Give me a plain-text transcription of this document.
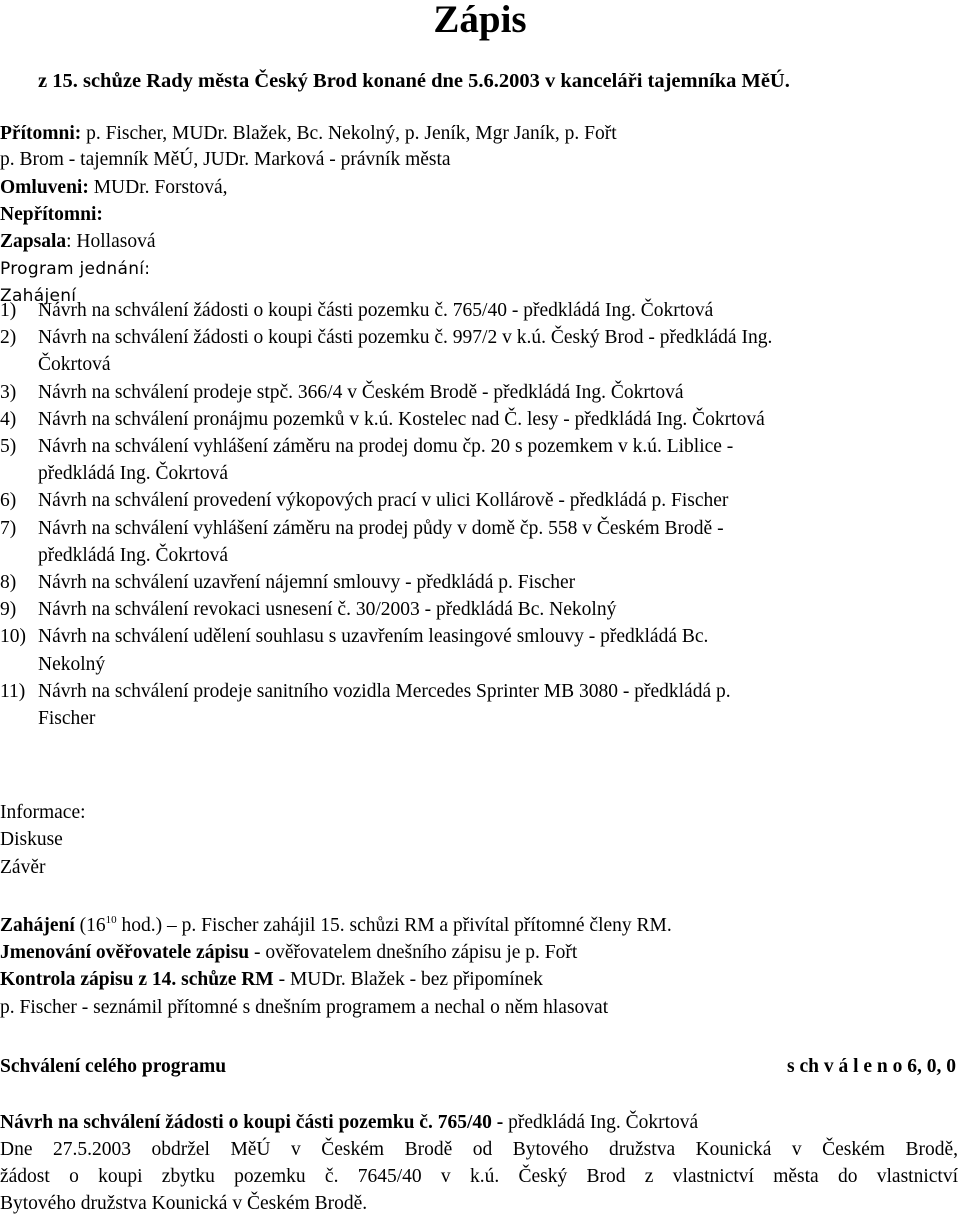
Zápis
z 15. schůze Rady města Český Brod konané dne 5.6.2003 v kanceláři tajemníka MěÚ.
Přítomni: p. Fischer, MUDr. Blažek, Bc. Nekolný, p. Jeník, Mgr Janík, p. Fořt
p. Brom - tajemník MěÚ, JUDr. Marková - právník města
Omluveni: MUDr. Forstová,
Nepřítomni:
Zapsala: Hollasová
Program jednání:
Zahájení
1) Návrh na schválení žádosti o koupi části pozemku č. 765/40 - předkládá Ing. Čokrtová
2) Návrh na schválení žádosti o koupi části pozemku č. 997/2 v k.ú. Český Brod - předkládá Ing.
Čokrtová
3) Návrh na schválení prodeje stpč. 366/4 v Českém Brodě - předkládá Ing. Čokrtová
4) Návrh na schválení pronájmu pozemků v k.ú. Kostelec nad Č. lesy - předkládá Ing. Čokrtová
5) Návrh na schválení vyhlášení záměru na prodej domu čp. 20 s pozemkem v k.ú. Liblice -
předkládá Ing. Čokrtová
6) Návrh na schválení provedení výkopových prací v ulici Kollárově - předkládá p. Fischer
7) Návrh na schválení vyhlášení záměru na prodej půdy v domě čp. 558 v Českém Brodě -
předkládá Ing. Čokrtová
8) Návrh na schválení uzavření nájemní smlouvy - předkládá p. Fischer
9) Návrh na schválení revokaci usnesení č. 30/2003 - předkládá Bc. Nekolný
10) Návrh na schválení udělení souhlasu s uzavřením leasingové smlouvy - předkládá Bc.
Nekolný
11) Návrh na schválení prodeje sanitního vozidla Mercedes Sprinter MB 3080 - předkládá p.
Fischer
Informace:
Diskuse
Závěr
Zahájení ($16^{10}$ hod.) – p. Fischer zahájil 15. schůzi RM a přivítal přítomné členy RM.
Jmenování ověřovatele zápisu - ověřovatelem dnešního zápisu je p. Fořt
Kontrola zápisu z 14. schůze RM - MUDr. Blažek - bez připomínek
p. Fischer - seznámil přítomné s dnešním programem a nechal o něm hlasovat
Schválení celého programu	s ch v á l e n o 6, 0, 0
Návrh na schválení žádosti o koupi části pozemku č. 765/40 - předkládá Ing. Čokrtová
Dne 27.5.2003 obdržel MěÚ v Českém Brodě od Bytového družstva Kounická v Českém Brodě,
žádost o koupi zbytku pozemku č. 7645/40 v k.ú. Český Brod z vlastnictví města do vlastnictví
Bytového družstva Kounická v Českém Brodě.
